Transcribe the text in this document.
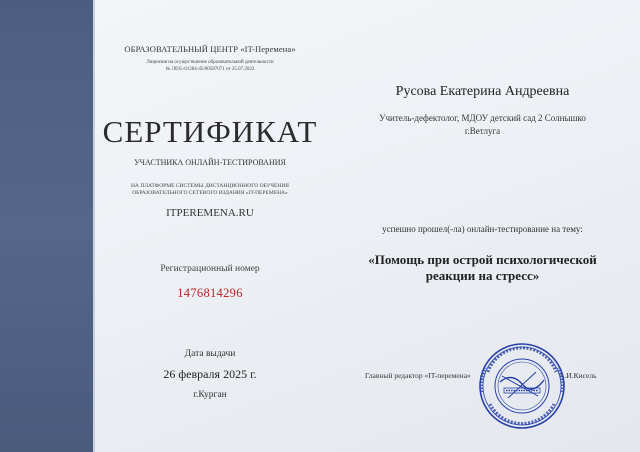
ОБРАЗОВАТЕЛЬНЫЙ ЦЕНТР «IT-Перемена»
Лицензия на осуществление образовательной деятельности
№ Л035-01284-45/00587071 от 25.07.2022
СЕРТИФИКАТ
УЧАСТНИКА ОНЛАЙН-ТЕСТИРОВАНИЯ
НА ПЛАТФОРМЕ СИСТЕМЫ ДИСТАНЦИОННОГО ОБУЧЕНИЯ
ОБРАЗОВАТЕЛЬНОГО СЕТЕВОГО ИЗДАНИЯ «IT-ПЕРЕМЕНА»
ITPEREMENA.RU
Регистрационный номер
1476814296
Дата выдачи
26 февраля 2025 г.
г.Курган
Русова Екатерина Андреевна
Учитель-дефектолог, МДОУ детский сад 2 Солнышко
г.Ветлуга
успешно прошел(-ла) онлайн-тестирование на тему:
«Помощь при острой психологической
реакции на стресс»
Главный редактор «IT-перемена»	А.И.Кисель
